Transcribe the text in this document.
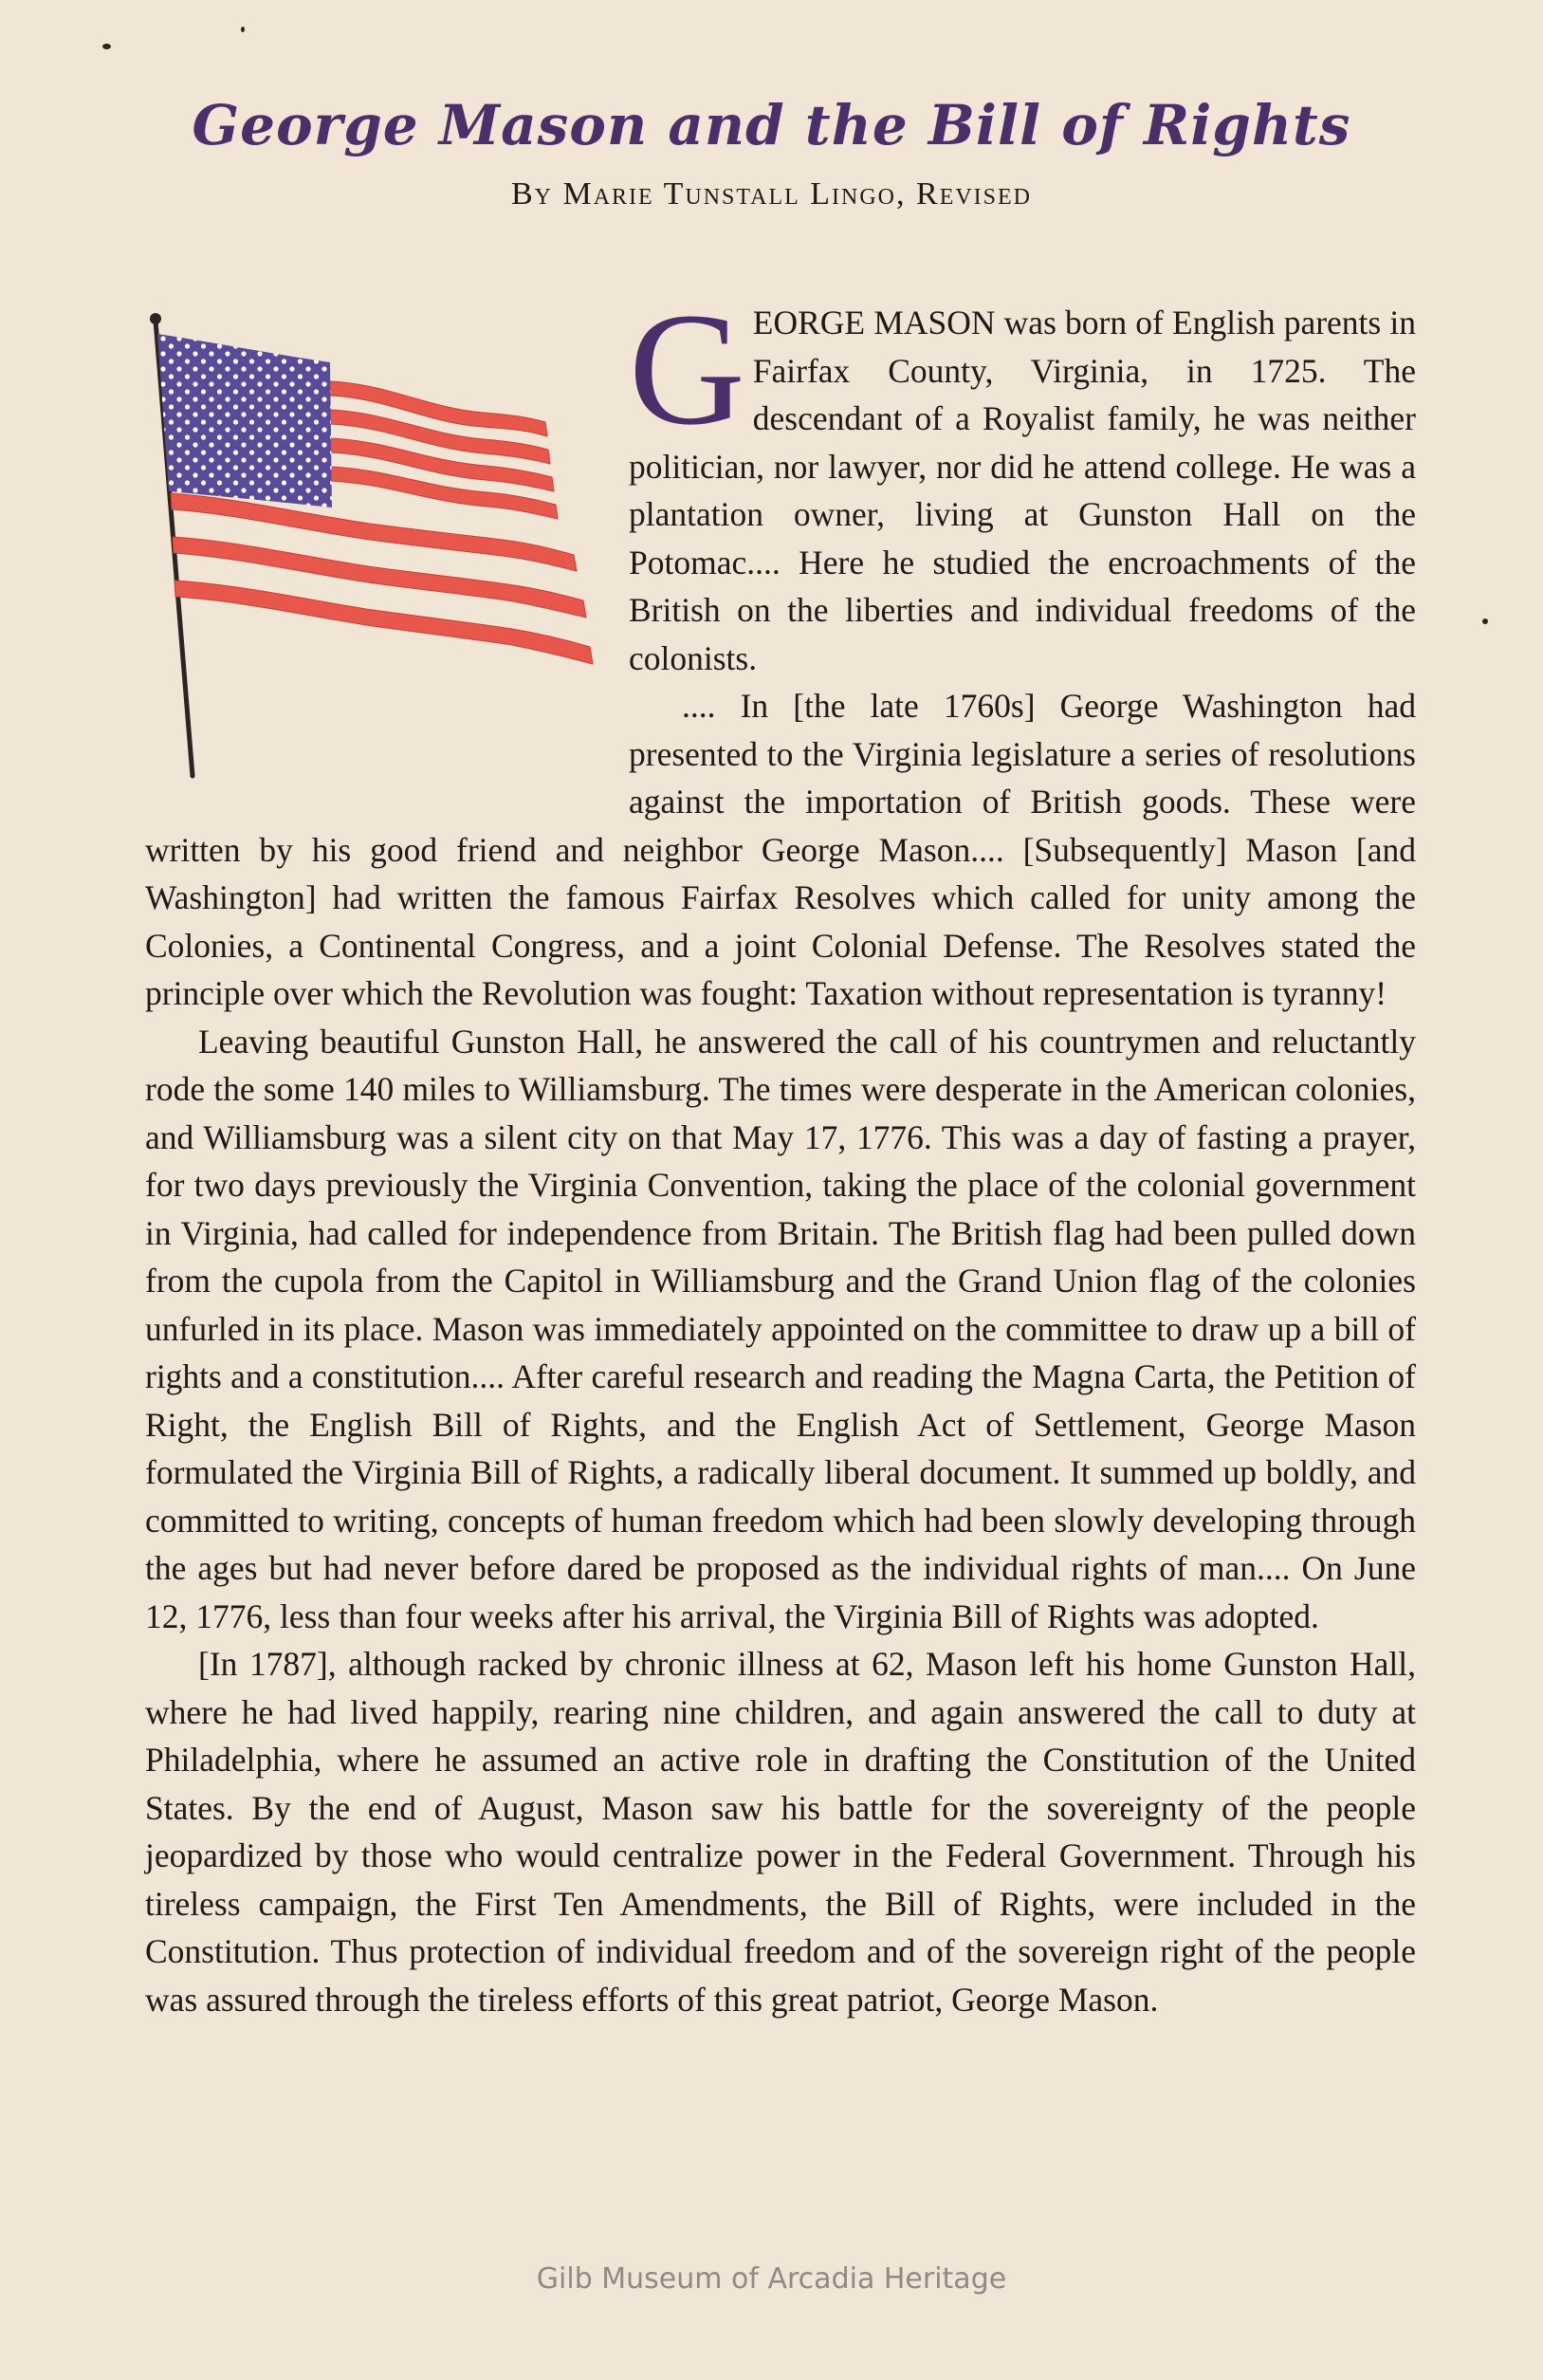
George Mason and the Bill of Rights
By Marie Tunstall Lingo, Revised

GEORGE MASON was born of English parents in Fairfax County, Virginia, in 1725. The descendant of a Royalist family, he was neither politician, nor lawyer, nor did he attend college. He was a plantation owner, living at Gunston Hall on the Potomac.... Here he studied the encroachments of the British on the liberties and individual freedoms of the colonists.

.... In [the late 1760s] George Washington had presented to the Virginia legislature a series of resolutions against the importation of British goods. These were written by his good friend and neighbor George Mason.... [Subsequently] Mason [and Washington] had written the famous Fairfax Resolves which called for unity among the Colonies, a Continental Congress, and a joint Colonial Defense. The Resolves stated the principle over which the Revolution was fought: Taxation without representation is tyranny!

Leaving beautiful Gunston Hall, he answered the call of his countrymen and reluctantly rode the some 140 miles to Williamsburg. The times were desperate in the American colonies, and Williamsburg was a silent city on that May 17, 1776. This was a day of fasting a prayer, for two days previously the Virginia Convention, taking the place of the colonial government in Virginia, had called for independence from Britain. The British flag had been pulled down from the cupola from the Capitol in Williamsburg and the Grand Union flag of the colonies unfurled in its place. Mason was immediately appointed on the committee to draw up a bill of rights and a constitution.... After careful research and reading the Magna Carta, the Petition of Right, the English Bill of Rights, and the English Act of Settlement, George Mason formulated the Virginia Bill of Rights, a radically liberal document. It summed up boldly, and committed to writing, concepts of human freedom which had been slowly developing through the ages but had never before dared be proposed as the individual rights of man.... On June 12, 1776, less than four weeks after his arrival, the Virginia Bill of Rights was adopted.

[In 1787], although racked by chronic illness at 62, Mason left his home Gunston Hall, where he had lived happily, rearing nine children, and again answered the call to duty at Philadelphia, where he assumed an active role in drafting the Constitution of the United States. By the end of August, Mason saw his battle for the sovereignty of the people jeopardized by those who would centralize power in the Federal Government. Through his tireless campaign, the First Ten Amendments, the Bill of Rights, were included in the Constitution. Thus protection of individual freedom and of the sovereign right of the people was assured through the tireless efforts of this great patriot, George Mason.

Gilb Museum of Arcadia Heritage
